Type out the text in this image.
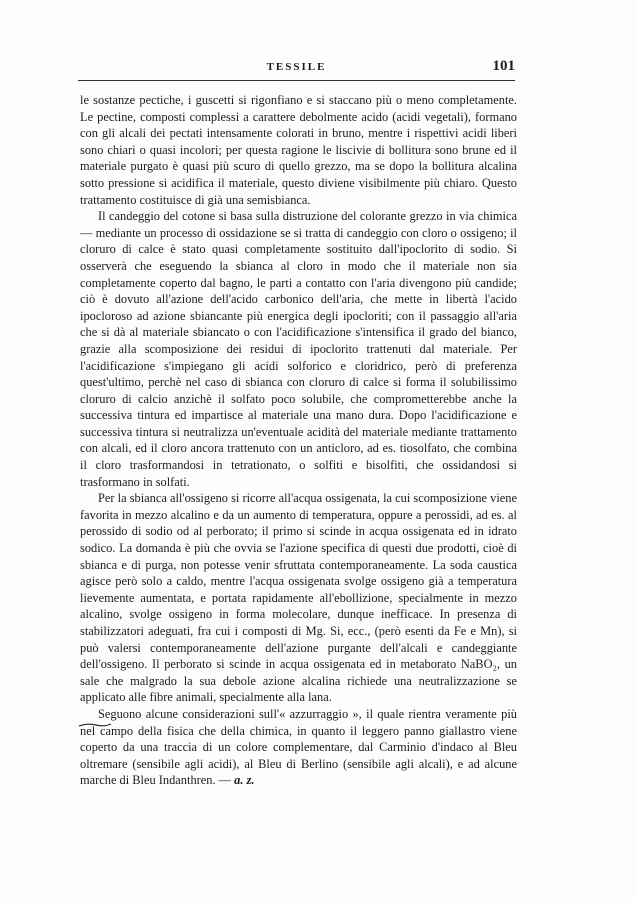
TESSILE	101

le sostanze pectiche, i guscetti si rigonfiano e si staccano più o meno completamente. Le pectine, composti complessi a carattere debolmente acido (acidi vegetali), formano con gli alcali dei pectati intensamente colorati in bruno, mentre i rispettivi acidi liberi sono chiari o quasi incolori; per questa ragione le liscivie di bollitura sono brune ed il materiale purgato è quasi più scuro di quello grezzo, ma se dopo la bollitura alcalina sotto pressione si acidifica il materiale, questo diviene visibilmente più chiaro. Questo trattamento costituisce di già una semisbianca.

Il candeggio del cotone si basa sulla distruzione del colorante grezzo in via chimica — mediante un processo di ossidazione se si tratta di candeggio con cloro o ossigeno; il cloruro di calce è stato quasi completamente sostituito dall'ipoclorito di sodio. Si osserverà che eseguendo la sbianca al cloro in modo che il materiale non sia completamente coperto dal bagno, le parti a contatto con l'aria divengono più candide; ciò è dovuto all'azione dell'acido carbonico dell'aria, che mette in libertà l'acido ipocloroso ad azione sbiancante più energica degli ipocloriti; con il passaggio all'aria che si dà al materiale sbiancato o con l'acidificazione s'intensifica il grado del bianco, grazie alla scomposizione dei residui di ipoclorito trattenuti dal materiale. Per l'acidificazione s'impiegano gli acidi solforico e cloridrico, però di preferenza quest'ultimo, perchè nel caso di sbianca con cloruro di calce si forma il solubilissimo cloruro di calcio anzichè il solfato poco solubile, che comprometterebbe anche la successiva tintura ed impartisce al materiale una mano dura. Dopo l'acidificazione e successiva tintura si neutralizza un'eventuale acidità del materiale mediante trattamento con alcali, ed il cloro ancora trattenuto con un anticloro, ad es. tiosolfato, che combina il cloro trasformandosi in tetrationato, o solfiti e bisolfiti, che ossidandosi si trasformano in solfati.

Per la sbianca all'ossigeno si ricorre all'acqua ossigenata, la cui scomposizione viene favorita in mezzo alcalino e da un aumento di temperatura, oppure a perossidi, ad es. al perossido di sodio od al perborato; il primo si scinde in acqua ossigenata ed in idrato sodico. La domanda è più che ovvia se l'azione specifica di questi due prodotti, cioè di sbianca e di purga, non potesse venir sfruttata contemporaneamente. La soda caustica agisce però solo a caldo, mentre l'acqua ossigenata svolge ossigeno già a temperatura lievemente aumentata, e portata rapidamente all'ebollizione, specialmente in mezzo alcalino, svolge ossigeno in forma molecolare, dunque inefficace. In presenza di stabilizzatori adeguati, fra cui i composti di Mg. Si, ecc., (però esenti da Fe e Mn), si può valersi contemporaneamente dell'azione purgante dell'alcali e candeggiante dell'ossigeno. Il perborato si scinde in acqua ossigenata ed in metaborato NaBO₂, un sale che malgrado la sua debole azione alcalina richiede una neutralizzazione se applicato alle fibre animali, specialmente alla lana.

Seguono alcune considerazioni sull'« azzurraggio », il quale rientra veramente più nel campo della fisica che della chimica, in quanto il leggero panno giallastro viene coperto da una traccia di un colore complementare, dal Carminio d'indaco al Bleu oltremare (sensibile agli acidi), al Bleu di Berlino (sensibile agli alcali), e ad alcune marche di Bleu Indanthren. — a. z.
